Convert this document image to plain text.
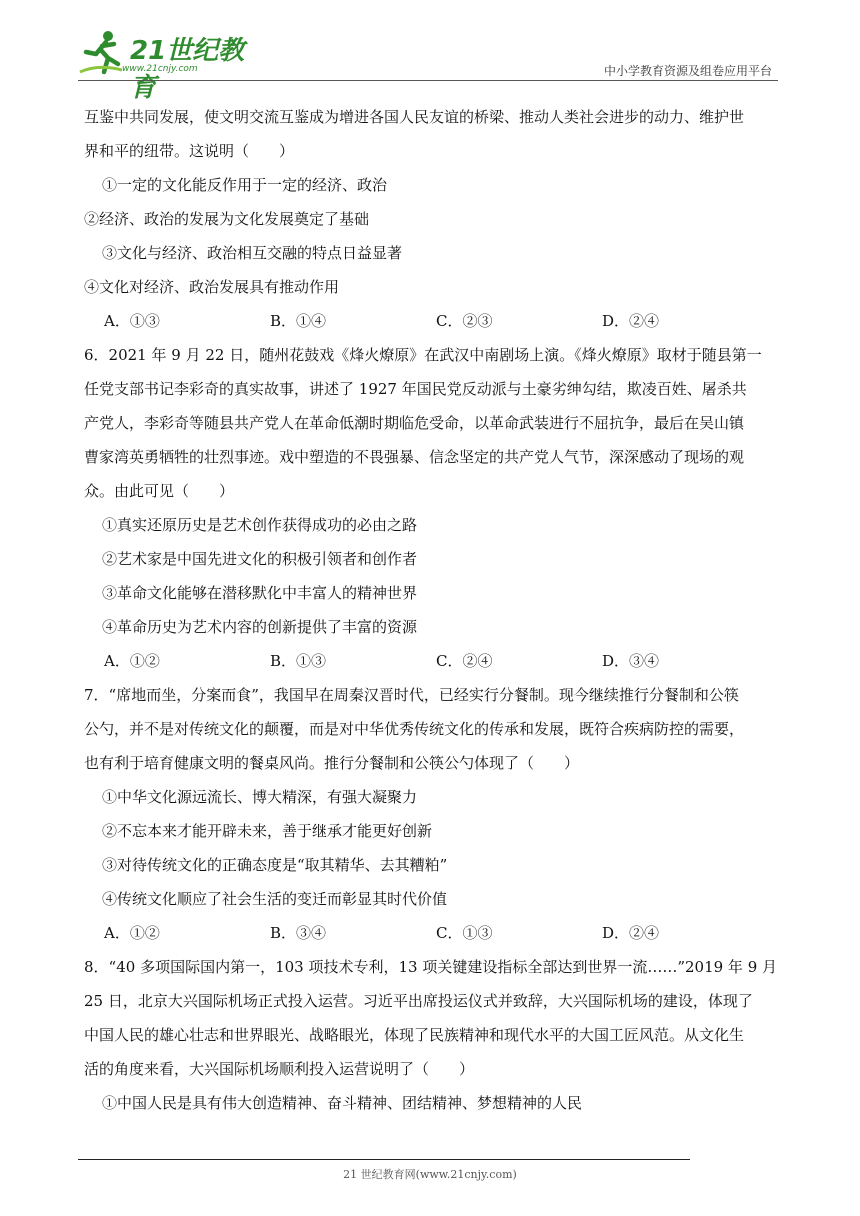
21世纪教育
www.21cnjy.com	中小学教育资源及组卷应用平台

互鉴中共同发展，使文明交流互鉴成为增进各国人民友谊的桥梁、推动人类社会进步的动力、维护世

界和平的纽带。这说明（　　）

①一定的文化能反作用于一定的经济、政治

②经济、政治的发展为文化发展奠定了基础

③文化与经济、政治相互交融的特点日益显著

④文化对经济、政治发展具有推动作用

A．①③	B．①④	C．②③	D．②④

6．2021 年 9 月 22 日，随州花鼓戏《烽火燎原》在武汉中南剧场上演。《烽火燎原》取材于随县第一

任党支部书记李彩奇的真实故事，讲述了 1927 年国民党反动派与土豪劣绅勾结，欺凌百姓、屠杀共

产党人，李彩奇等随县共产党人在革命低潮时期临危受命，以革命武装进行不屈抗争，最后在吴山镇

曹家湾英勇牺牲的壮烈事迹。戏中塑造的不畏强暴、信念坚定的共产党人气节，深深感动了现场的观

众。由此可见（　　）

①真实还原历史是艺术创作获得成功的必由之路

②艺术家是中国先进文化的积极引领者和创作者

③革命文化能够在潜移默化中丰富人的精神世界

④革命历史为艺术内容的创新提供了丰富的资源

A．①②	B．①③	C．②④	D．③④

7．“席地而坐，分案而食”，我国早在周秦汉晋时代，已经实行分餐制。现今继续推行分餐制和公筷

公勺，并不是对传统文化的颠覆，而是对中华优秀传统文化的传承和发展，既符合疾病防控的需要，

也有利于培育健康文明的餐桌风尚。推行分餐制和公筷公勺体现了（　　）

①中华文化源远流长、博大精深，有强大凝聚力

②不忘本来才能开辟未来，善于继承才能更好创新

③对待传统文化的正确态度是“取其精华、去其糟粕”

④传统文化顺应了社会生活的变迁而彰显其时代价值

A．①②	B．③④	C．①③	D．②④

8．“40 多项国际国内第一，103 项技术专利，13 项关键建设指标全部达到世界一流……”2019 年 9 月

25 日，北京大兴国际机场正式投入运营。习近平出席投运仪式并致辞，大兴国际机场的建设，体现了

中国人民的雄心壮志和世界眼光、战略眼光，体现了民族精神和现代水平的大国工匠风范。从文化生

活的角度来看，大兴国际机场顺利投入运营说明了（　　）

①中国人民是具有伟大创造精神、奋斗精神、团结精神、梦想精神的人民

21 世纪教育网(www.21cnjy.com)
